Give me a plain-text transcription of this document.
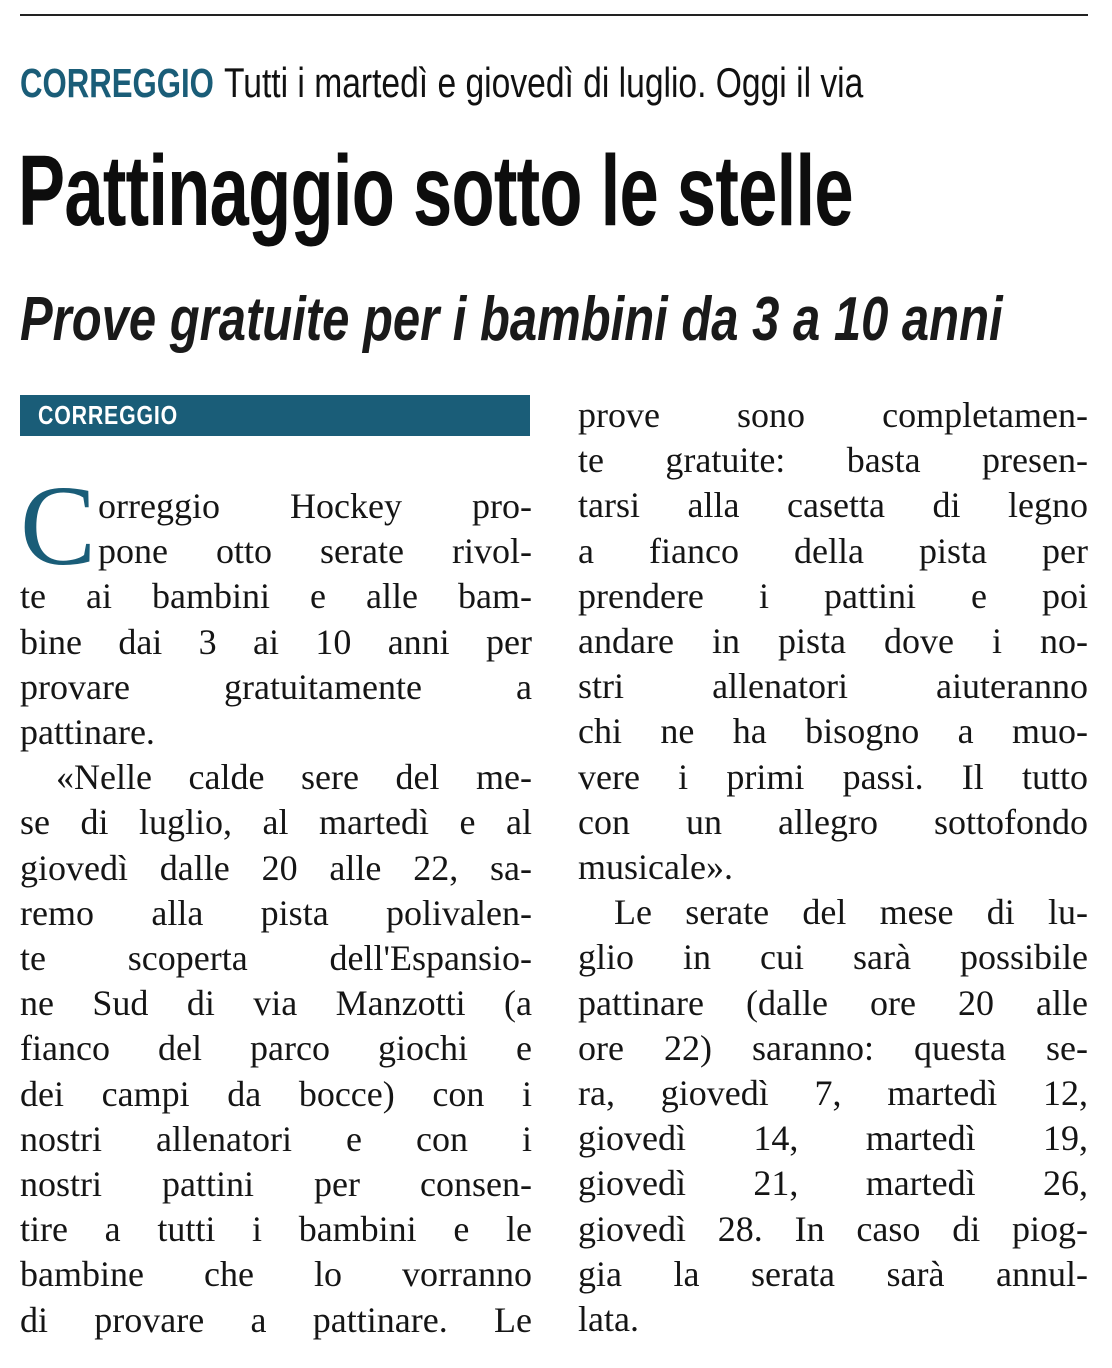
CORREGGIO Tutti i martedì e giovedì di luglio. Oggi il via
Pattinaggio sotto le stelle
Prove gratuite per i bambini da 3 a 10 anni
CORREGGIO
C orreggio Hockey pro-
pone otto serate rivol-
te ai bambini e alle bam-
bine dai 3 ai 10 anni per
provare gratuitamente a
pattinare.
«Nelle calde sere del me-
se di luglio, al martedì e al
giovedì dalle 20 alle 22, sa-
remo alla pista polivalen-
te scoperta dell'Espansio-
ne Sud di via Manzotti (a
fianco del parco giochi e
dei campi da bocce) con i
nostri allenatori e con i
nostri pattini per consen-
tire a tutti i bambini e le
bambine che lo vorranno
di provare a pattinare. Le
prove sono completamen-
te gratuite: basta presen-
tarsi alla casetta di legno
a fianco della pista per
prendere i pattini e poi
andare in pista dove i no-
stri allenatori aiuteranno
chi ne ha bisogno a muo-
vere i primi passi. Il tutto
con un allegro sottofondo
musicale».
Le serate del mese di lu-
glio in cui sarà possibile
pattinare (dalle ore 20 alle
ore 22) saranno: questa se-
ra, giovedì 7, martedì 12,
giovedì 14, martedì 19,
giovedì 21, martedì 26,
giovedì 28. In caso di piog-
gia la serata sarà annul-
lata.
